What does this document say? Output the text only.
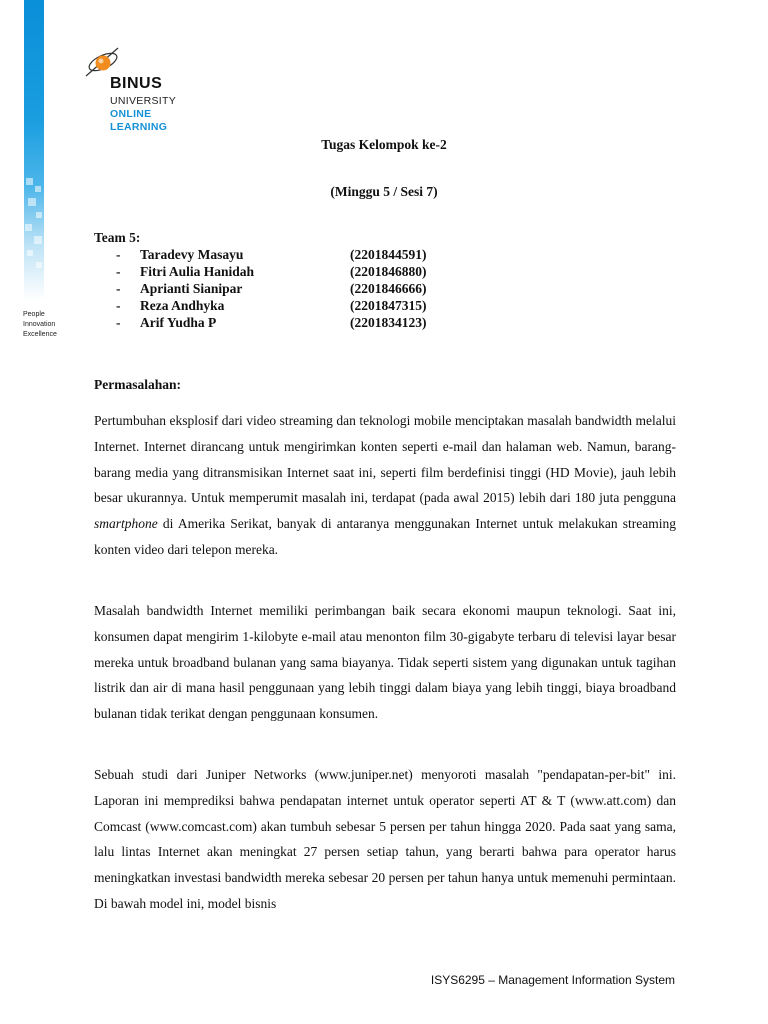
People
Innovation
Excellence
BINUS
UNIVERSITY
ONLINE
LEARNING
Tugas Kelompok ke-2
(Minggu 5 / Sesi 7)
Team 5:
- Taradevy Masayu	(2201844591)
- Fitri Aulia Hanidah	(2201846880)
- Aprianti Sianipar	(2201846666)
- Reza Andhyka	(2201847315)
- Arif Yudha P	(2201834123)
Permasalahan:
Pertumbuhan eksplosif dari video streaming dan teknologi mobile menciptakan masalah bandwidth melalui Internet. Internet dirancang untuk mengirimkan konten seperti e-mail dan halaman web. Namun, barang-barang media yang ditransmisikan Internet saat ini, seperti film berdefinisi tinggi (HD Movie), jauh lebih besar ukurannya. Untuk memperumit masalah ini, terdapat (pada awal 2015) lebih dari 180 juta pengguna smartphone di Amerika Serikat, banyak di antaranya menggunakan Internet untuk melakukan streaming konten video dari telepon mereka.
Masalah bandwidth Internet memiliki perimbangan baik secara ekonomi maupun teknologi. Saat ini, konsumen dapat mengirim 1-kilobyte e-mail atau menonton film 30-gigabyte terbaru di televisi layar besar mereka untuk broadband bulanan yang sama biayanya. Tidak seperti sistem yang digunakan untuk tagihan listrik dan air di mana hasil penggunaan yang lebih tinggi dalam biaya yang lebih tinggi, biaya broadband bulanan tidak terikat dengan penggunaan konsumen.
Sebuah studi dari Juniper Networks (www.juniper.net) menyoroti masalah "pendapatan-per-bit" ini. Laporan ini memprediksi bahwa pendapatan internet untuk operator seperti AT & T (www.att.com) dan Comcast (www.comcast.com) akan tumbuh sebesar 5 persen per tahun hingga 2020. Pada saat yang sama, lalu lintas Internet akan meningkat 27 persen setiap tahun, yang berarti bahwa para operator harus meningkatkan investasi bandwidth mereka sebesar 20 persen per tahun hanya untuk memenuhi permintaan. Di bawah model ini, model bisnis
ISYS6295 – Management Information System
